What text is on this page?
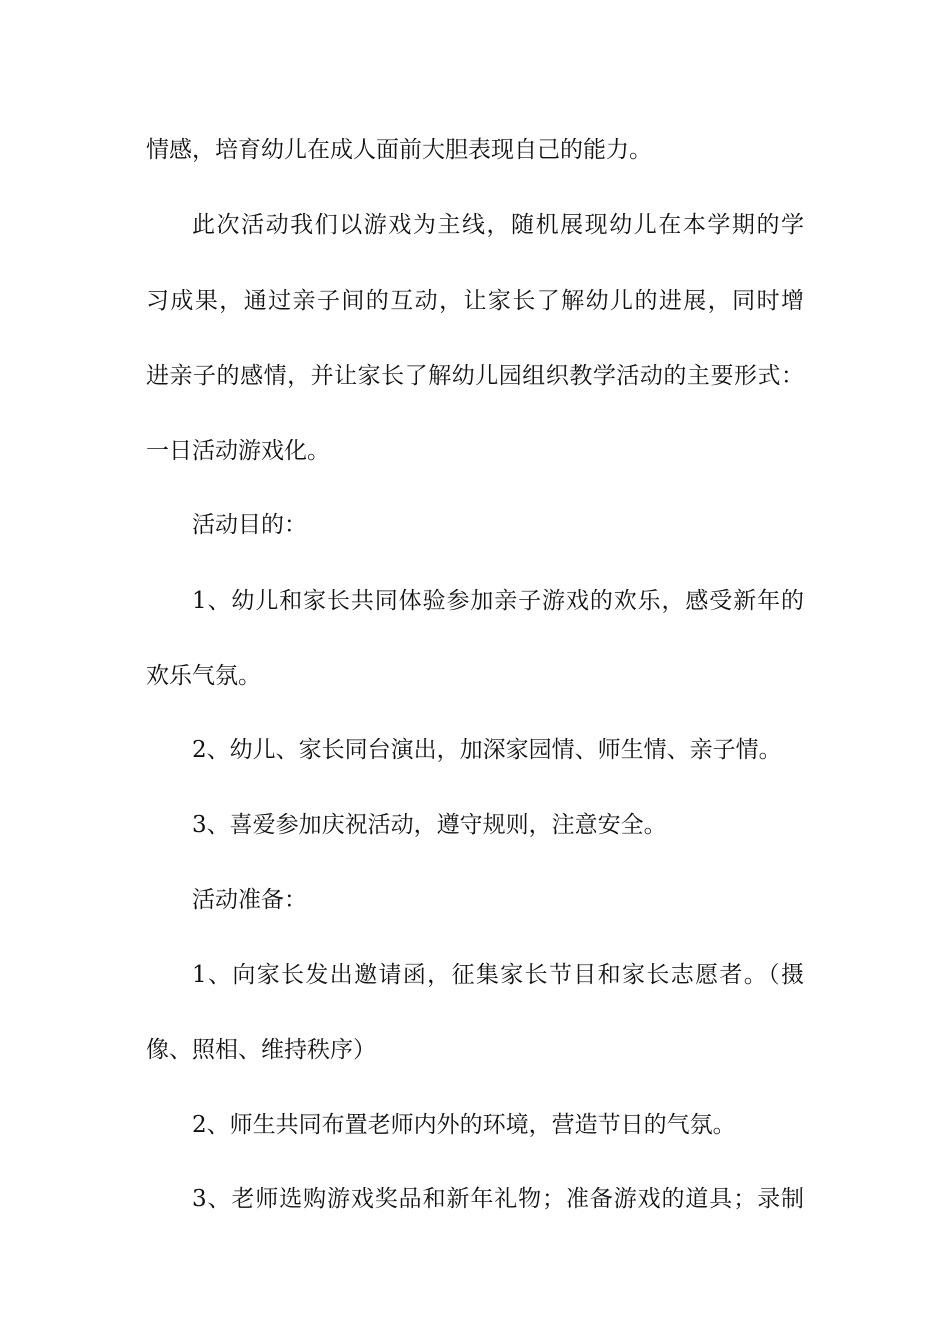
情感，培育幼儿在成人面前大胆表现自己的能力。
此次活动我们以游戏为主线，随机展现幼儿在本学期的学
习成果，通过亲子间的互动，让家长了解幼儿的进展，同时增
进亲子的感情，并让家长了解幼儿园组织教学活动的主要形式：
一日活动游戏化。
活动目的：
1、幼儿和家长共同体验参加亲子游戏的欢乐，感受新年的
欢乐气氛。
2、幼儿、家长同台演出，加深家园情、师生情、亲子情。
3、喜爱参加庆祝活动，遵守规则，注意安全。
活动准备：
1、向家长发出邀请函，征集家长节目和家长志愿者。（摄
像、照相、维持秩序）
2、师生共同布置老师内外的环境，营造节日的气氛。
3、老师选购游戏奖品和新年礼物；准备游戏的道具；录制
